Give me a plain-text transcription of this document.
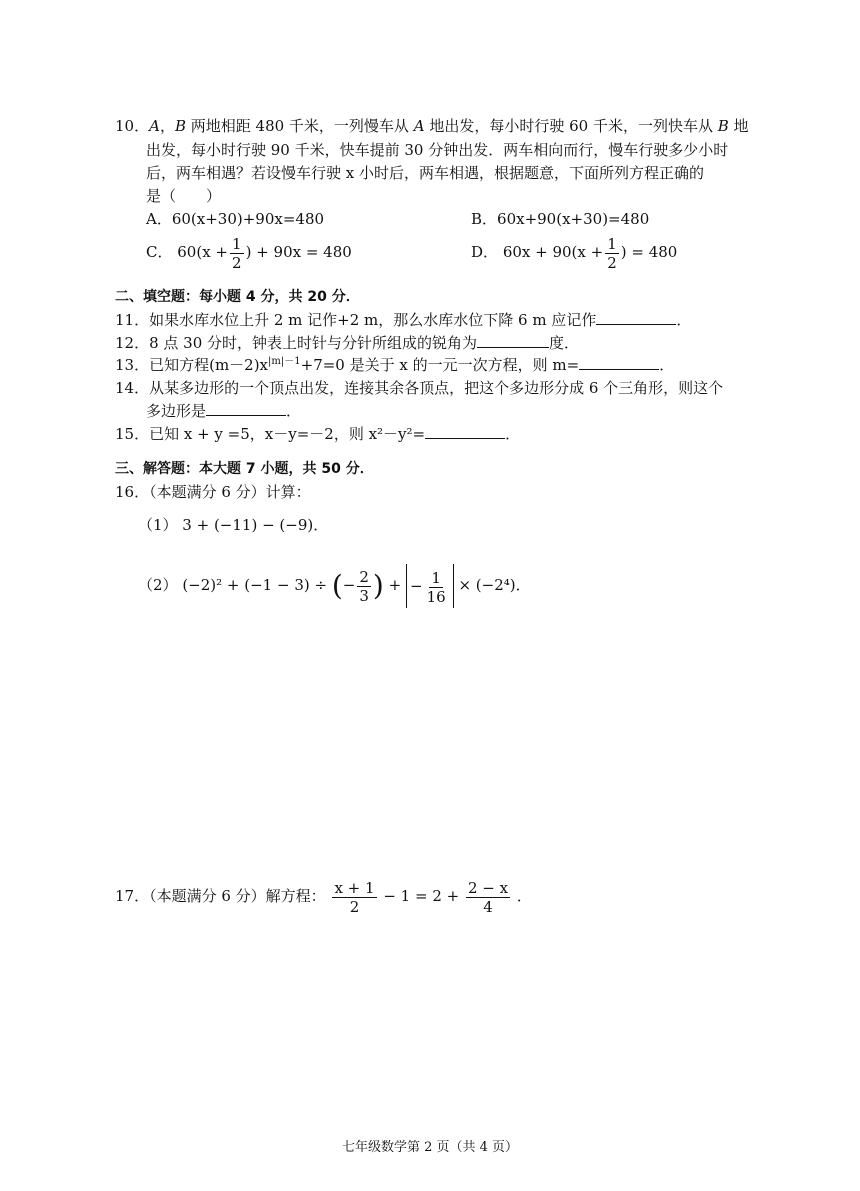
10．A，B 两地相距 480 千米，一列慢车从 A 地出发，每小时行驶 60 千米，一列快车从 B 地
出发，每小时行驶 90 千米，快车提前 30 分钟出发．两车相向而行，慢车行驶多少小时
后，两车相遇？若设慢车行驶 x 小时后，两车相遇，根据题意，下面所列方程正确的
是（　　）
A．60(x+30)+90x=480	B．60x+90(x+30)=480
C． $60(x + \frac{1}{2}$ ) + 90x = 480	D． $60x + 90(x + \frac{1}{2}$ ) = 480
二、填空题：每小题 4 分，共 20 分．
11．如果水库水位上升 2 m 记作+2 m，那么水库水位下降 6 m 应记作	．
12．8 点 30 分时，钟表上时针与分针所组成的锐角为	度．
13．已知方程$(m-2)x^{|m|-1}+7=0$ 是关于 x 的一元一次方程，则 m=	．
14．从某多边形的一个顶点出发，连接其余各顶点，把这个多边形分成 6 个三角形，则这个
多边形是	．
15．已知 x + y =5，x－y=－2，则 x²－y²=	．
三、解答题：本大题 7 小题，共 50 分．
16．（本题满分 6 分）计算：
（1） 3 + (−11) − (−9)．
（2） (−2)² + (−1 − 3) ÷ (− $\frac{2}{3}$ ) + − $\frac{1}{16} \times (-2^4)$．
17．（本题满分 6 分）解方程： $\frac{x + 1}{2} - 1 = 2 + \frac{2 - x}{4}$ ．
七年级数学第 2 页（共 4 页）
